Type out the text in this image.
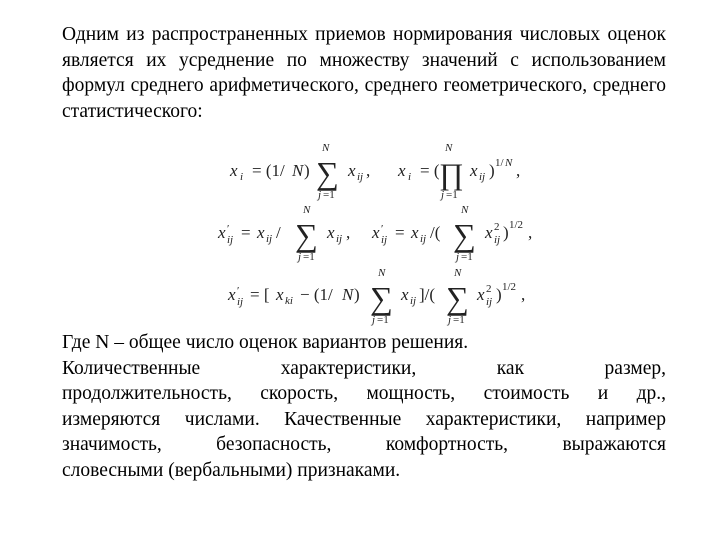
Одним из распространенных приемов нормирования числовых оценок является их усреднение по множеству значений с использованием формул среднего арифметического, среднего геометрического, среднего статистического:
x i = (1/ N )
N
∑
j =1
x ij , x i = (
N
∏
j =1
x ij ) 1/ N ,
x ′
ij = x ij /
N
∑
j =1
x ij , x ′
ij = x ij /(
N
∑
j =1
x 2
ij ) 1/2 ,
x ′
ij = [ x ki − (1/ N )
N
∑
j =1
x ij ]/(
N
∑
j =1
x 2
ij ) 1/2 ,
Где N – общее число оценок вариантов решения.
Количественные характеристики, как размер,
продолжительность, скорость, мощность, стоимость и др.,
измеряются числами. Качественные характеристики, например
значимость, безопасность, комфортность, выражаются
словесными (вербальными) признаками.
